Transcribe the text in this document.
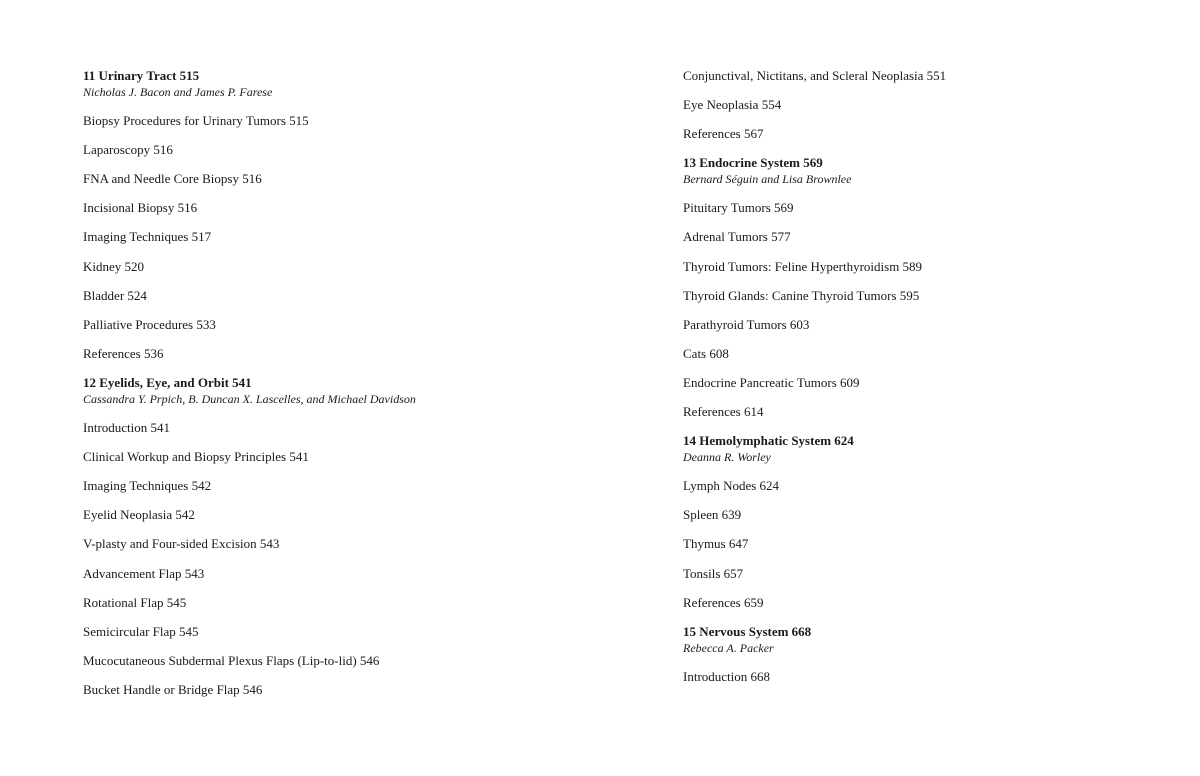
11 Urinary Tract 515
Nicholas J. Bacon and James P. Farese
Biopsy Procedures for Urinary Tumors 515
Laparoscopy 516
FNA and Needle Core Biopsy 516
Incisional Biopsy 516
Imaging Techniques 517
Kidney 520
Bladder 524
Palliative Procedures 533
References 536
12 Eyelids, Eye, and Orbit 541
Cassandra Y. Prpich, B. Duncan X. Lascelles, and Michael Davidson
Introduction 541
Clinical Workup and Biopsy Principles 541
Imaging Techniques 542
Eyelid Neoplasia 542
V-plasty and Four-sided Excision 543
Advancement Flap 543
Rotational Flap 545
Semicircular Flap 545
Mucocutaneous Subdermal Plexus Flaps (Lip-to-lid) 546
Bucket Handle or Bridge Flap 546
Conjunctival, Nictitans, and Scleral Neoplasia 551
Eye Neoplasia 554
References 567
13 Endocrine System 569
Bernard Séguin and Lisa Brownlee
Pituitary Tumors 569
Adrenal Tumors 577
Thyroid Tumors: Feline Hyperthyroidism 589
Thyroid Glands: Canine Thyroid Tumors 595
Parathyroid Tumors 603
Cats 608
Endocrine Pancreatic Tumors 609
References 614
14 Hemolymphatic System 624
Deanna R. Worley
Lymph Nodes 624
Spleen 639
Thymus 647
Tonsils 657
References 659
15 Nervous System 668
Rebecca A. Packer
Introduction 668
